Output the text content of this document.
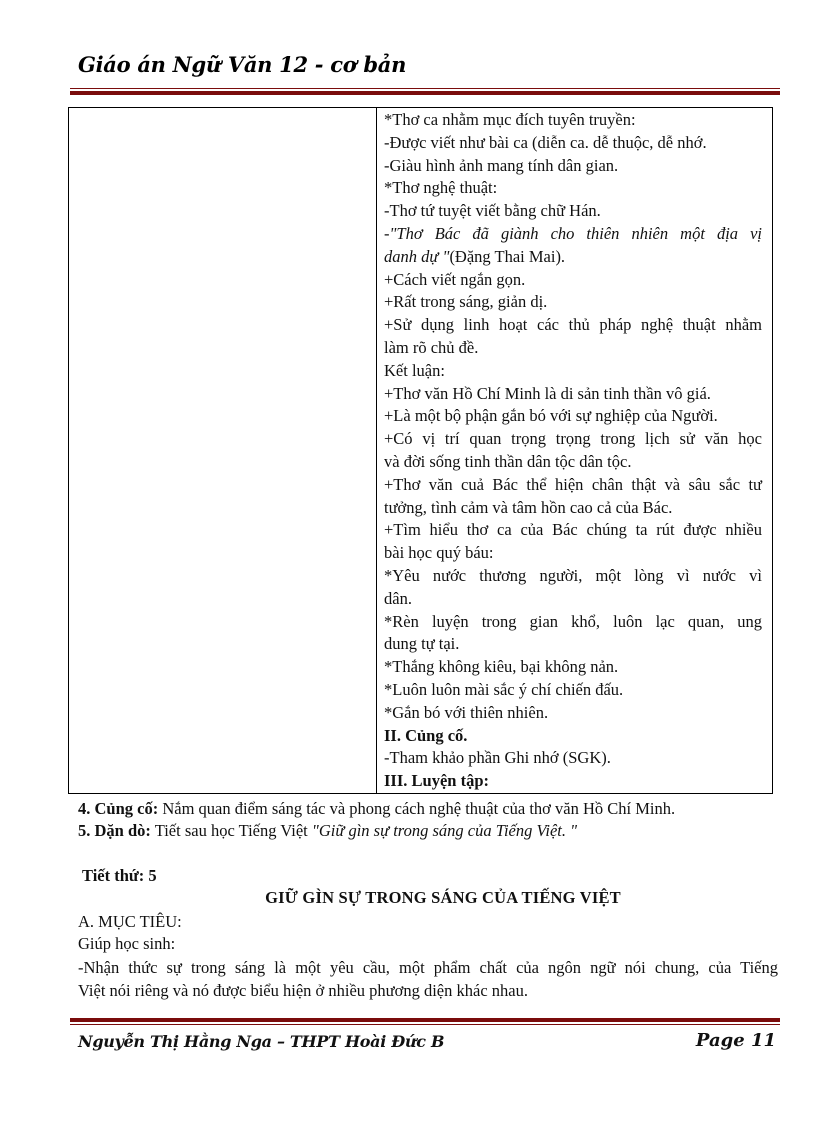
Giáo án Ngữ Văn 12 - cơ bản
*Thơ ca nhằm mục đích tuyên truyền:
-Được viết như bài ca (diễn ca. dễ thuộc, dễ nhớ.
-Giàu hình ảnh mang tính dân gian.
*Thơ nghệ thuật:
-Thơ tứ tuyệt viết bằng chữ Hán.
-"Thơ Bác đã giành cho thiên nhiên một địa vị
danh dự "(Đặng Thai Mai).
+Cách viết ngắn gọn.
+Rất trong sáng, giản dị.
+Sử dụng linh hoạt các thủ pháp nghệ thuật nhằm
làm rõ chủ đề.
Kết luận:
+Thơ văn Hồ Chí Minh là di sản tinh thần vô giá.
+Là một bộ phận gắn bó với sự nghiệp của Người.
+Có vị trí quan trọng trọng trong lịch sử văn học
và đời sống tinh thần dân tộc dân tộc.
+Thơ văn cuả Bác thể hiện chân thật và sâu sắc tư
tưởng, tình cảm và tâm hồn cao cả của Bác.
+Tìm hiểu thơ ca của Bác chúng ta rút được nhiều
bài học quý báu:
*Yêu nước thương người, một lòng vì nước vì
dân.
*Rèn luyện trong gian khổ, luôn lạc quan, ung
dung tự tại.
*Thắng không kiêu, bại không nản.
*Luôn luôn mài sắc ý chí chiến đấu.
*Gắn bó với thiên nhiên.
II. Củng cố.
-Tham khảo phần Ghi nhớ (SGK).
III. Luyện tập:
4. Củng cố: Nắm quan điểm sáng tác và phong cách nghệ thuật của thơ văn Hồ Chí Minh.
5. Dặn dò: Tiết sau học Tiếng Việt "Giữ gìn sự trong sáng của Tiếng Việt. "
Tiết thứ: 5
GIỮ GÌN SỰ TRONG SÁNG CỦA TIẾNG VIỆT
A. MỤC TIÊU:
Giúp học sinh:
-Nhận thức sự trong sáng là một yêu cầu, một phẩm chất của ngôn ngữ nói chung, của Tiếng
Việt nói riêng và nó được biểu hiện ở nhiều phương diện khác nhau.
Nguyễn Thị Hằng Nga – THPT Hoài Đức B	Page 11
